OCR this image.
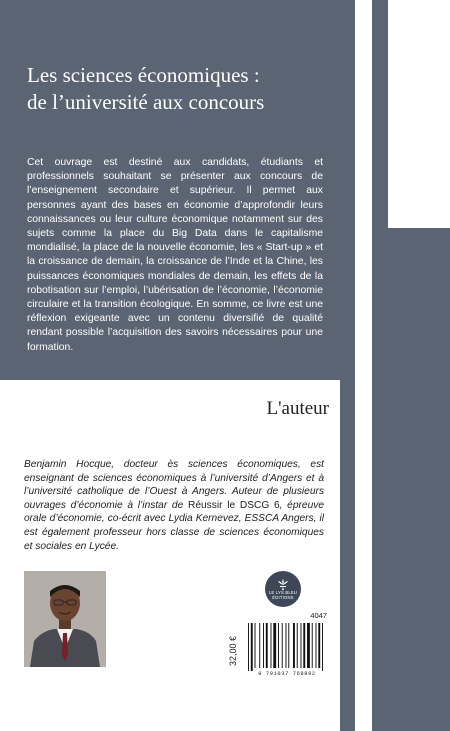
Les sciences économiques :
de l’université aux concours

Cet ouvrage est destiné aux candidats, étudiants et professionnels souhaitant se présenter aux concours de l’enseignement secondaire et supérieur. Il permet aux personnes ayant des bases en économie d’approfondir leurs connaissances ou leur culture économique notamment sur des sujets comme la place du Big Data dans le capitalisme mondialisé, la place de la nouvelle économie, les « Start-up » et la croissance de demain, la croissance de l’Inde et la Chine, les puissances économiques mondiales de demain, les effets de la robotisation sur l’emploi, l’ubérisation de l’économie, l’économie circulaire et la transition écologique. En somme, ce livre est une réflexion exigeante avec un contenu diversifié de qualité rendant possible l’acquisition des savoirs nécessaires pour une formation.

L'auteur

Benjamin Hocque, docteur ès sciences économiques, est enseignant de sciences économiques à l’université d’Angers et à l’université catholique de l’Ouest à Angers. Auteur de plusieurs ouvrages d’économie à l’instar de Réussir le DSCG 6, épreuve orale d’économie, co-écrit avec Lydia Kernevez, ESSCA Angers, il est également professeur hors classe de sciences économiques et sociales en Lycée.

LE LYS BLEU
ÉDITIONS
4047
32,00 €
9 791037 769892
